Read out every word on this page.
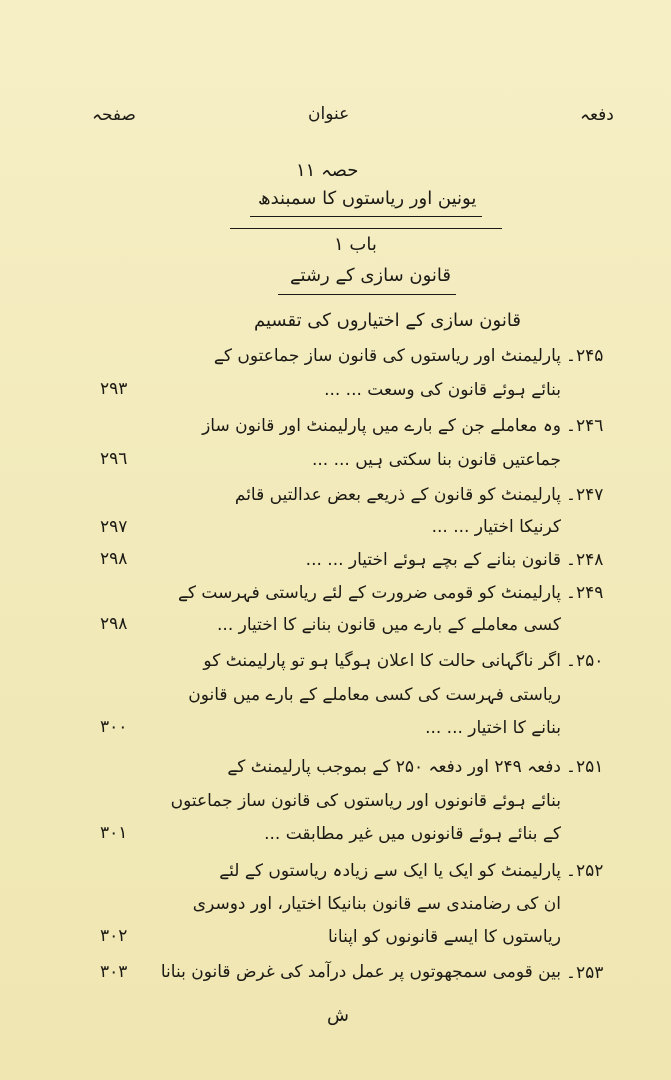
دفعہ
عنوان
صفحہ
حصہ ۱۱
یونین اور ریاستوں کا سمبندھ
باب ۱
قانون سازی کے رشتے
قانون سازی کے اختیاروں کی تقسیم
۲۴۵۔
پارلیمنٹ اور ریاستوں کی قانون ساز جماعتوں کے
بنائے ہوئے قانون کی وسعت ... ...
۲۹۳
۲۴٦۔
وہ معاملے جن کے بارے میں پارلیمنٹ اور قانون ساز
جماعتیں قانون بنا سکتی ہیں ... ...
۲۹٦
۲۴۷۔
پارلیمنٹ کو قانون کے ذریعے بعض عدالتیں قائم
کرنیکا اختیار ... ...
۲۹۷
۲۴۸۔
قانون بنانے کے بچے ہوئے اختیار ... ...
۲۹۸
۲۴۹۔
پارلیمنٹ کو قومی ضرورت کے لئے ریاستی فہرست کے
کسی معاملے کے بارے میں قانون بنانے کا اختیار ...
۲۹۸
۲۵۰۔
اگر ناگہانی حالت کا اعلان ہوگیا ہو تو پارلیمنٹ کو
ریاستی فہرست کی کسی معاملے کے بارے میں قانون
بنانے کا اختیار ... ...
۳۰۰
۲۵۱۔
دفعہ ۲۴۹ اور دفعہ ۲۵۰ کے بموجب پارلیمنٹ کے
بنائے ہوئے قانونوں اور ریاستوں کی قانون ساز جماعتوں
کے بنائے ہوئے قانونوں میں غیر مطابقت ...
۳۰۱
۲۵۲۔
پارلیمنٹ کو ایک یا ایک سے زیادہ ریاستوں کے لئے
ان کی رضامندی سے قانون بنانیکا اختیار، اور دوسری
ریاستوں کا ایسے قانونوں کو اپنانا
۳۰۲
۲۵۳۔
بین قومی سمجھوتوں پر عمل درآمد کی غرض قانون بنانا
۳۰۳
ش
